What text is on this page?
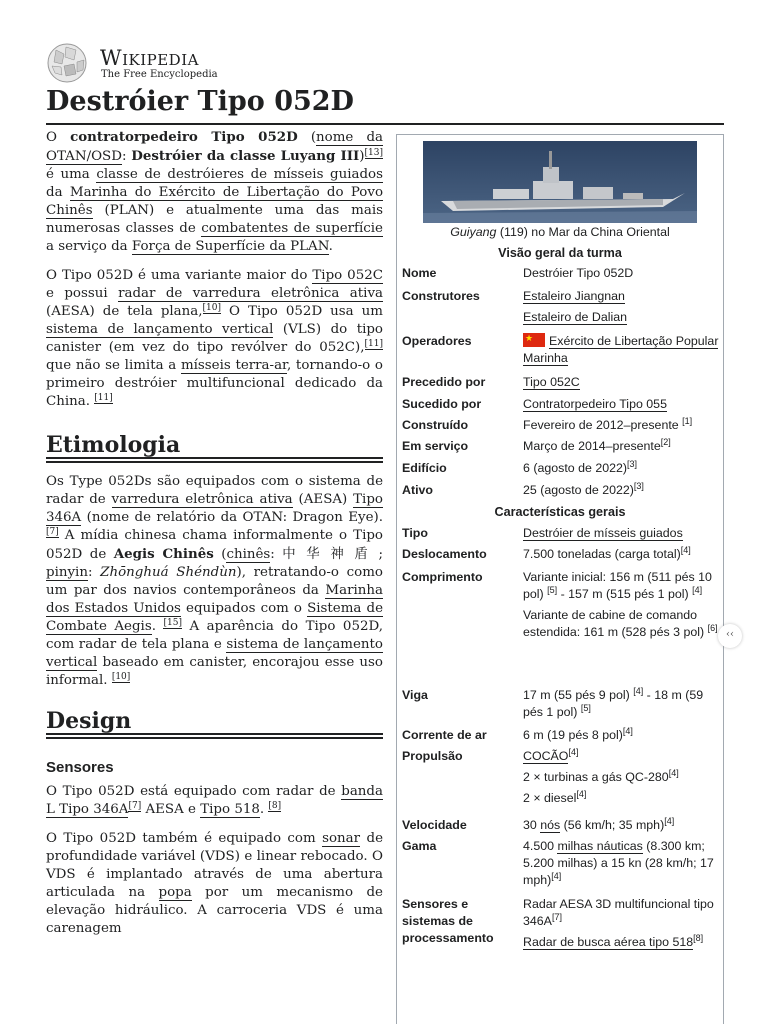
Wikipedia
The Free Encyclopedia
Destróier Tipo 052D

O contratorpedeiro Tipo 052D (nome da OTAN/OSD: Destróier da classe Luyang III)[13] é uma classe de destróieres de mísseis guiados da Marinha do Exército de Libertação do Povo Chinês (PLAN) e atualmente uma das mais numerosas classes de combatentes de superfície a serviço da Força de Superfície da PLAN.

O Tipo 052D é uma variante maior do Tipo 052C e possui radar de varredura eletrônica ativa (AESA) de tela plana,[10] O Tipo 052D usa um sistema de lançamento vertical (VLS) do tipo canister (em vez do tipo revólver do 052C),[11] que não se limita a mísseis terra-ar, tornando-o o primeiro destróier multifuncional dedicado da China. [11]

Etimologia

Os Type 052Ds são equipados com o sistema de radar de varredura eletrônica ativa (AESA) Tipo 346A (nome de relatório da OTAN: Dragon Eye). [7] A mídia chinesa chama informalmente o Tipo 052D de Aegis Chinês (chinês: 中 华 神 盾 ; pinyin: Zhōnghuá Shéndùn), retratando-o como um par dos navios contemporâneos da Marinha dos Estados Unidos equipados com o Sistema de Combate Aegis. [15] A aparência do Tipo 052D, com radar de tela plana e sistema de lançamento vertical baseado em canister, encorajou esse uso informal. [10]

Design
Sensores

O Tipo 052D está equipado com radar de banda L Tipo 346A[7] AESA e Tipo 518. [8]

O Tipo 052D também é equipado com sonar de profundidade variável (VDS) e linear rebocado. O VDS é implantado através de uma abertura articulada na popa por um mecanismo de elevação hidráulico. A carroceria VDS é uma carenagem

Guiyang (119) no Mar da China Oriental
Visão geral da turma
Nome	Destróier Tipo 052D
Construtores	Estaleiro Jiangnan
Estaleiro de Dalian
Operadores
★	Exército de Libertação Popular Marinha
Precedido por	Tipo 052C
Sucedido por	Contratorpedeiro Tipo 055
Construído	Fevereiro de 2012–presente [1]
Em serviço	Março de 2014–presente[2]
Edifício	6 (agosto de 2022)[3]
Ativo	25 (agosto de 2022)[3]
Características gerais
Tipo	Destróier de mísseis guiados
Deslocamento	7.500 toneladas (carga total)[4]
Comprimento	Variante inicial: 156 m (511 pés 10 pol) [5] - 157 m (515 pés 1 pol) [4]
Variante de cabine de comando estendida: 161 m (528 pés 3 pol) [6]
Viga	17 m (55 pés 9 pol) [4] - 18 m (59 pés 1 pol) [5]
Corrente de ar	6 m (19 pés 8 pol)[4]
Propulsão	COCÃO[4]
2 × turbinas a gás QC-280[4]
2 × diesel[4]
Velocidade	30 nós (56 km/h; 35 mph)[4]
Gama	4.500 milhas náuticas (8.300 km; 5.200 milhas) a 15 kn (28 km/h; 17 mph)[4]
Sensores e sistemas de processamento
Radar AESA 3D multifuncional tipo 346A[7]
Radar de busca aérea tipo 518[8]
‹‹
